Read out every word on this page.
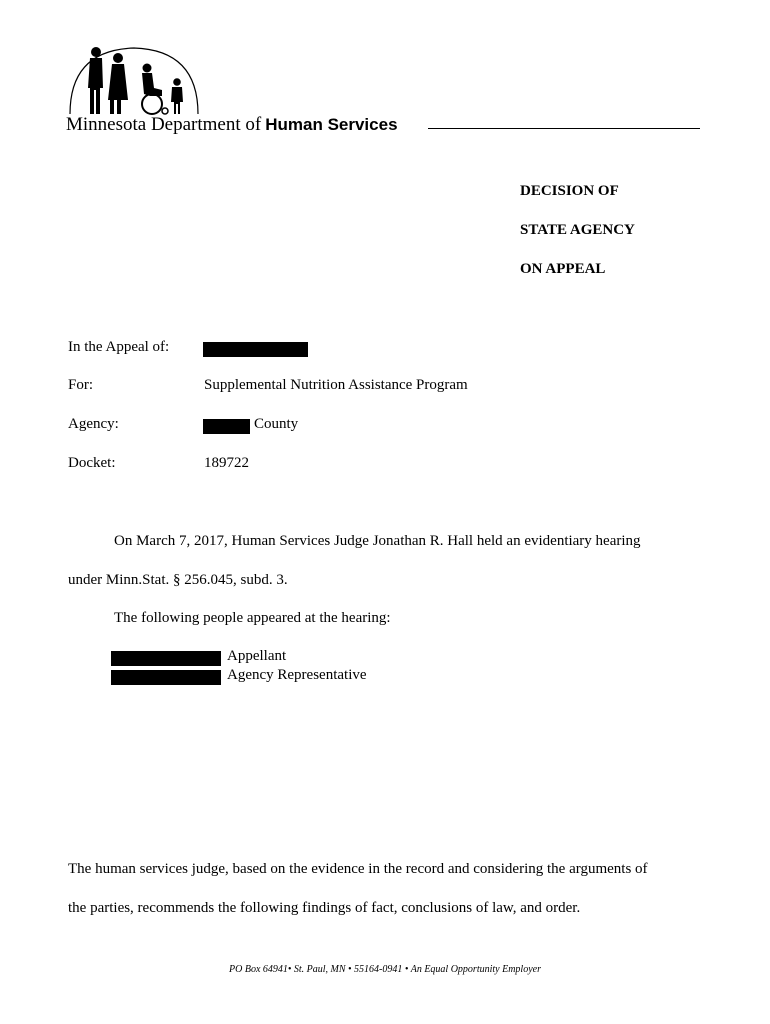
Minnesota Department of Human Services
DECISION OF
STATE AGENCY
ON APPEAL
In the Appeal of:
For:	Supplemental Nutrition Assistance Program
Agency:	County
Docket:	189722
On March 7, 2017, Human Services Judge Jonathan R. Hall held an evidentiary hearing
under Minn.Stat. § 256.045, subd. 3.
The following people appeared at the hearing:
Appellant
Agency Representative
The human services judge, based on the evidence in the record and considering the arguments of
the parties, recommends the following findings of fact, conclusions of law, and order.
PO Box 64941• St. Paul, MN • 55164-0941 • An Equal Opportunity Employer
